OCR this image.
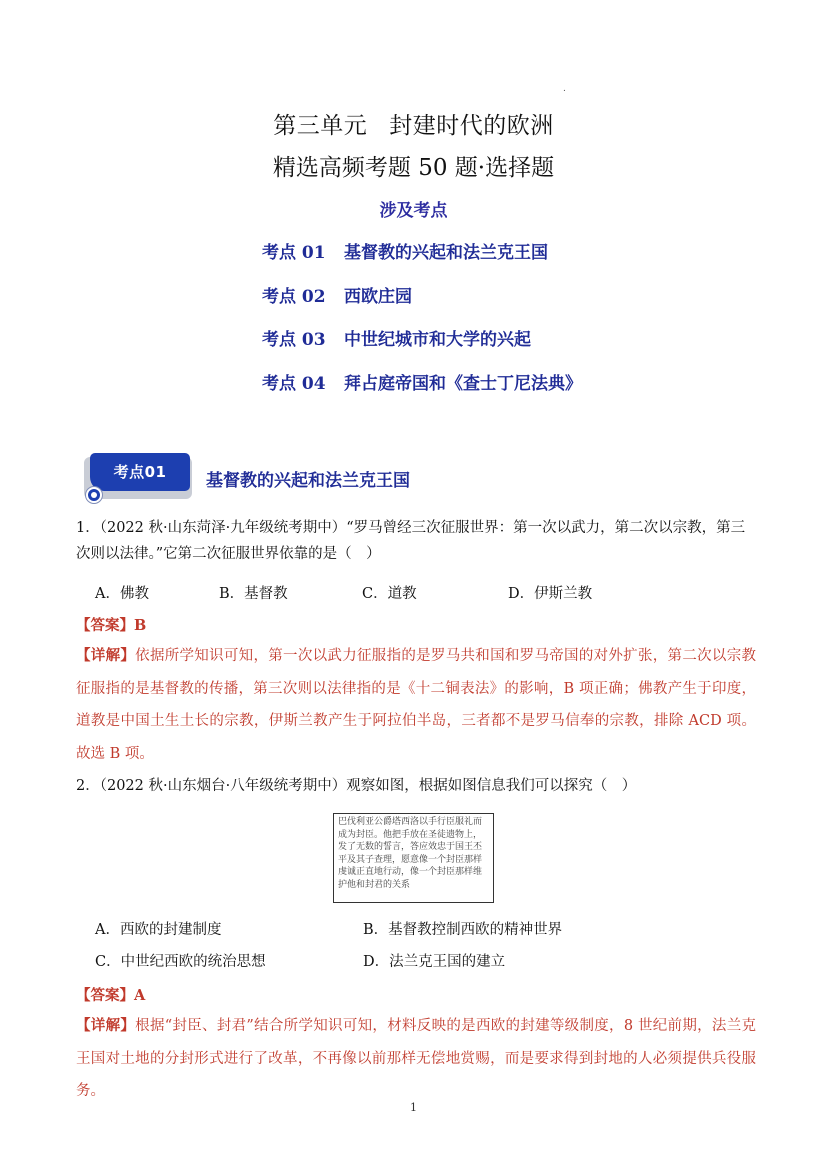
.
第三单元 封建时代的欧洲
精选高频考题 50 题·选择题
涉及考点
考点 01 基督教的兴起和法兰克王国
考点 02 西欧庄园
考点 03 中世纪城市和大学的兴起
考点 04 拜占庭帝国和《查士丁尼法典》
考点01	基督教的兴起和法兰克王国
1．（2022 秋·山东菏泽·九年级统考期中）“罗马曾经三次征服世界：第一次以武力，第二次以宗教，第三次则以法律。”它第二次征服世界依靠的是（　）
A．佛教	B．基督教	C．道教	D．伊斯兰教
【答案】B
【详解】依据所学知识可知，第一次以武力征服指的是罗马共和国和罗马帝国的对外扩张，第二次以宗教征服指的是基督教的传播，第三次则以法律指的是《十二铜表法》的影响，B 项正确；佛教产生于印度，道教是中国土生土长的宗教，伊斯兰教产生于阿拉伯半岛，三者都不是罗马信奉的宗教，排除 ACD 项。故选 B 项。
2．（2022 秋·山东烟台·八年级统考期中）观察如图，根据如图信息我们可以探究（　）
巴伐利亚公爵塔西洛以手行臣服礼而成为封臣。他把手放在圣徒遗物上，发了无数的誓言，答应效忠于国王丕平及其子查理，愿意像一个封臣那样虔诚正直地行动，像一个封臣那样维护他和封君的关系
A．西欧的封建制度	B．基督教控制西欧的精神世界
C．中世纪西欧的统治思想	D．法兰克王国的建立
【答案】A
【详解】根据“封臣、封君”结合所学知识可知，材料反映的是西欧的封建等级制度，8 世纪前期，法兰克王国对土地的分封形式进行了改革，不再像以前那样无偿地赏赐，而是要求得到封地的人必须提供兵役服务。
1
